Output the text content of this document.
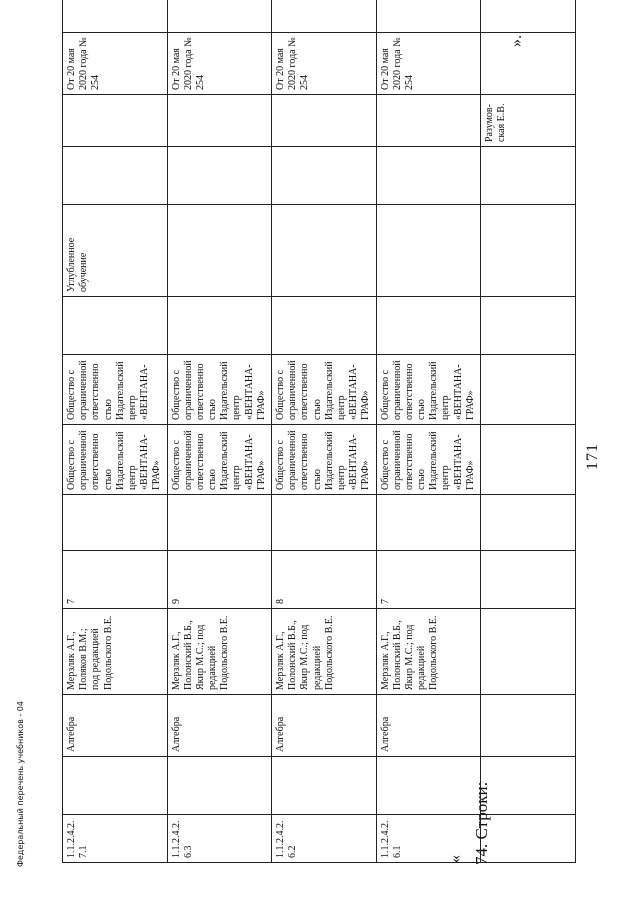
Федеральный перечень учебников - 04	« 74. Строки:
171
».
1.1.2.4.2.7.1		Алгебра	Мерзляк А.Г., Поляков В.М.; под редакцией Подольского В.Е.	7		Общество с ограниченной ответственностью Издательский центр «ВЕНТАНА-ГРАФ»	Общество с ограниченной ответственностью Издательский центр «ВЕНТАНА-		Углубленное обучение			От 20 мая 2020 года № 254	
1.1.2.4.2.6.3		Алгебра	Мерзляк А.Г., Полонский В.Б., Якир М.С.; под редакцией Подольского В.Е.	9		Общество с ограниченной ответственностью Издательский центр «ВЕНТАНА-ГРАФ»	Общество с ограниченной ответственностью Издательский центр «ВЕНТАНА-ГРАФ»					От 20 мая 2020 года № 254	
1.1.2.4.2.6.2		Алгебра	Мерзляк А.Г., Полонский В.Б., Якир М.С.; под редакцией Подольского В.Е.	8		Общество с ограниченной ответственностью Издательский центр «ВЕНТАНА-ГРАФ»	Общество с ограниченной ответственностью Издательский центр «ВЕНТАНА-ГРАФ»					От 20 мая 2020 года № 254	
1.1.2.4.2.6.1		Алгебра	Мерзляк А.Г., Полонский В.Б., Якир М.С.; под редакцией Подольского В.Е.	7		Общество с ограниченной ответственностью Издательский центр «ВЕНТАНА-ГРАФ»	Общество с ограниченной ответственностью Издательский центр «ВЕНТАНА-ГРАФ»					От 20 мая 2020 года № 254	
											Разумов-
ская Е.В.		
